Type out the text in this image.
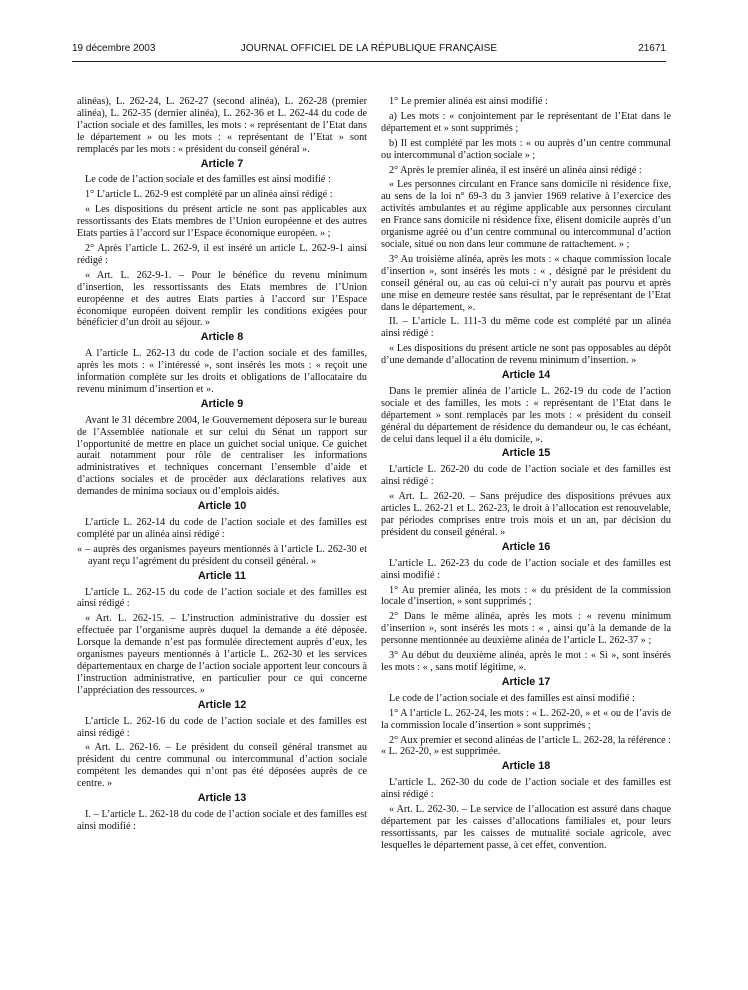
19 décembre 2003	JOURNAL OFFICIEL DE LA RÉPUBLIQUE FRANÇAISE	21671

alinéas), L. 262-24, L. 262-27 (second alinéa), L. 262-28 (premier alinéa), L. 262-35 (dernier alinéa), L. 262-36 et L. 262-44 du code de l’action sociale et des familles, les mots : « représentant de l’Etat dans le département » ou les mots : « représentant de l’Etat » sont remplacés par les mots : « président du conseil général ».

Article 7

Le code de l’action sociale et des familles est ainsi modifié :

1° L’article L. 262-9 est complété par un alinéa ainsi rédigé :

« Les dispositions du présent article ne sont pas applicables aux ressortissants des Etats membres de l’Union européenne et des autres Etats parties à l’accord sur l’Espace économique européen. » ;

2° Après l’article L. 262-9, il est inséré un article L. 262-9-1 ainsi rédigé :

« Art. L. 262-9-1. – Pour le bénéfice du revenu minimum d’insertion, les ressortissants des Etats membres de l’Union européenne et des autres Etats parties à l’accord sur l’Espace économique européen doivent remplir les conditions exigées pour bénéficier d’un droit au séjour. »

Article 8

A l’article L. 262-13 du code de l’action sociale et des familles, après les mots : « l’intéressé », sont insérés les mots : « reçoit une information complète sur les droits et obligations de l’allocataire du revenu minimum d’insertion et ».

Article 9

Avant le 31 décembre 2004, le Gouvernement déposera sur le bureau de l’Assemblée nationale et sur celui du Sénat un rapport sur l’opportunité de mettre en place un guichet social unique. Ce guichet aurait notamment pour rôle de centraliser les informations administratives et techniques concernant l’ensemble d’aide et d’actions sociales et de procéder aux déclarations relatives aux demandes de minima sociaux ou d’emplois aidés.

Article 10

L’article L. 262-14 du code de l’action sociale et des familles est complété par un alinéa ainsi rédigé :

« – auprès des organismes payeurs mentionnés à l’article L. 262-30 et ayant reçu l’agrément du président du conseil général. »

Article 11

L’article L. 262-15 du code de l’action sociale et des familles est ainsi rédigé :

« Art. L. 262-15. – L’instruction administrative du dossier est effectuée par l’organisme auprès duquel la demande a été déposée. Lorsque la demande n’est pas formulée directement auprès d’eux, les organismes payeurs mentionnés à l’article L. 262-30 et les services départementaux en charge de l’action sociale apportent leur concours à l’instruction administrative, en particulier pour ce qui concerne l’appréciation des ressources. »

Article 12

L’article L. 262-16 du code de l’action sociale et des familles est ainsi rédigé :

« Art. L. 262-16. – Le président du conseil général transmet au président du centre communal ou intercommunal d’action sociale compétent les demandes qui n’ont pas été déposées auprès de ce centre. »

Article 13

I. – L’article L. 262-18 du code de l’action sociale et des familles est ainsi modifié :

1° Le premier alinéa est ainsi modifié :

a) Les mots : « conjointement par le représentant de l’Etat dans le département et » sont supprimés ;

b) Il est complété par les mots : « ou auprès d’un centre communal ou intercommunal d’action sociale » ;

2° Après le premier alinéa, il est inséré un alinéa ainsi rédigé :

« Les personnes circulant en France sans domicile ni résidence fixe, au sens de la loi n° 69-3 du 3 janvier 1969 relative à l’exercice des activités ambulantes et au régime applicable aux personnes circulant en France sans domicile ni résidence fixe, élisent domicile auprès d’un organisme agréé ou d’un centre communal ou intercommunal d’action sociale, situé ou non dans leur commune de rattachement. » ;

3° Au troisième alinéa, après les mots : « chaque commission locale d’insertion », sont insérés les mots : « , désigné par le président du conseil général ou, au cas où celui-ci n’y aurait pas pourvu et après une mise en demeure restée sans résultat, par le représentant de l’Etat dans le département, ».

II. – L’article L. 111-3 du même code est complété par un alinéa ainsi rédigé :

« Les dispositions du présent article ne sont pas opposables au dépôt d’une demande d’allocation de revenu minimum d’insertion. »

Article 14

Dans le premier alinéa de l’article L. 262-19 du code de l’action sociale et des familles, les mots : « représentant de l’Etat dans le département » sont remplacés par les mots : « président du conseil général du département de résidence du demandeur ou, le cas échéant, de celui dans lequel il a élu domicile, ».

Article 15

L’article L. 262-20 du code de l’action sociale et des familles est ainsi rédigé :

« Art. L. 262-20. – Sans préjudice des dispositions prévues aux articles L. 262-21 et L. 262-23, le droit à l’allocation est renouvelable, par périodes comprises entre trois mois et un an, par décision du président du conseil général. »

Article 16

L’article L. 262-23 du code de l’action sociale et des familles est ainsi modifié :

1° Au premier alinéa, les mots : « du président de la commission locale d’insertion, » sont supprimés ;

2° Dans le même alinéa, après les mots : « revenu minimum d’insertion », sont insérés les mots : « , ainsi qu’à la demande de la personne mentionnée au deuxième alinéa de l’article L. 262-37 » ;

3° Au début du deuxième alinéa, après le mot : « Si », sont insérés les mots : « , sans motif légitime, ».

Article 17

Le code de l’action sociale et des familles est ainsi modifié :

1° A l’article L. 262-24, les mots : « L. 262-20, » et « ou de l’avis de la commission locale d’insertion » sont supprimés ;

2° Aux premier et second alinéas de l’article L. 262-28, la référence : « L. 262-20, » est supprimée.

Article 18

L’article L. 262-30 du code de l’action sociale et des familles est ainsi rédigé :

« Art. L. 262-30. – Le service de l’allocation est assuré dans chaque département par les caisses d’allocations familiales et, pour leurs ressortissants, par les caisses de mutualité sociale agricole, avec lesquelles le département passe, à cet effet, convention.
